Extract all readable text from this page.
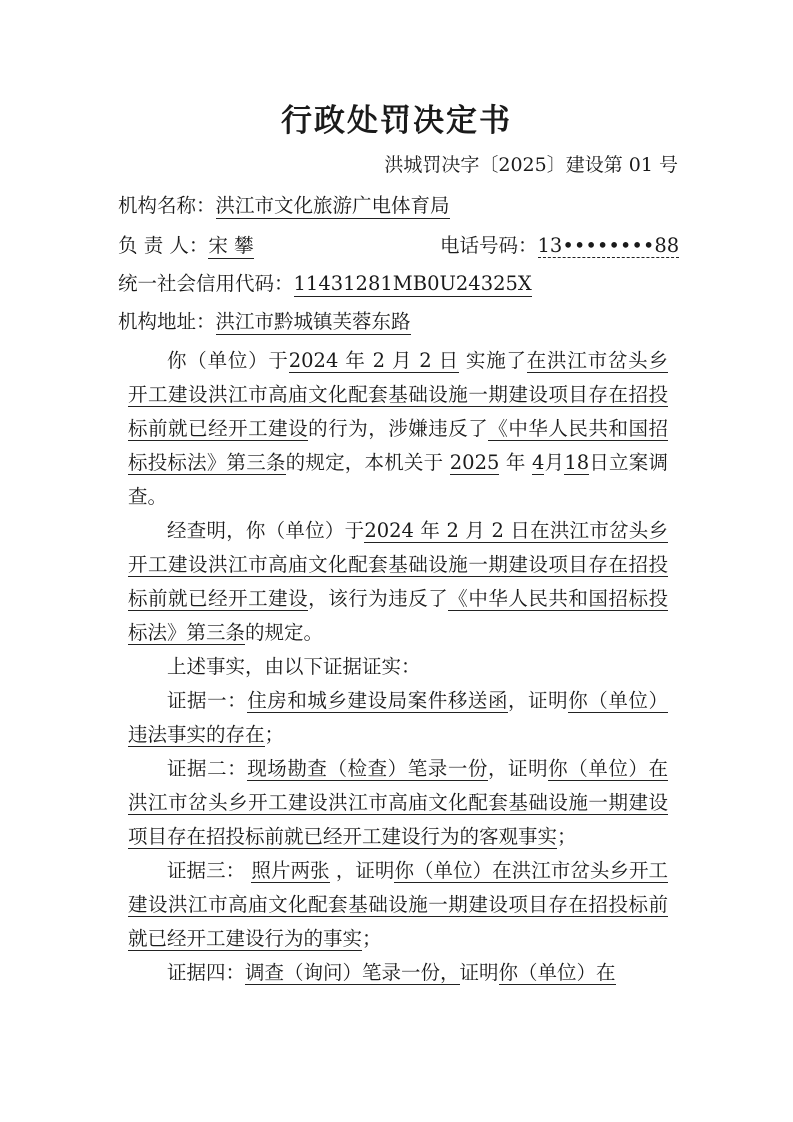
行政处罚决定书
洪城罚决字〔2025〕建设第 01 号
机构名称：洪江市文化旅游广电体育局
负 责 人：宋 攀	电话号码：13••••••••88
统一社会信用代码：11431281MB0U24325X
机构地址：洪江市黔城镇芙蓉东路

你（单位）于2024 年 2 月 2 日 实施了在洪江市岔头乡开工建设洪江市高庙文化配套基础设施一期建设项目存在招投标前就已经开工建设的行为，涉嫌违反了《中华人民共和国招标投标法》第三条的规定，本机关于 2025 年 4月18日立案调查。

经查明，你（单位）于2024 年 2 月 2 日在洪江市岔头乡开工建设洪江市高庙文化配套基础设施一期建设项目存在招投标前就已经开工建设，该行为违反了《中华人民共和国招标投标法》第三条的规定。

上述事实，由以下证据证实：

证据一：住房和城乡建设局案件移送函，证明你（单位）违法事实的存在；

证据二：现场勘查（检查）笔录一份，证明你（单位）在洪江市岔头乡开工建设洪江市高庙文化配套基础设施一期建设项目存在招投标前就已经开工建设行为的客观事实；

证据三： 照片两张 ，证明你（单位）在洪江市岔头乡开工建设洪江市高庙文化配套基础设施一期建设项目存在招投标前就已经开工建设行为的事实；

证据四：调查（询问）笔录一份，证明你（单位）在
